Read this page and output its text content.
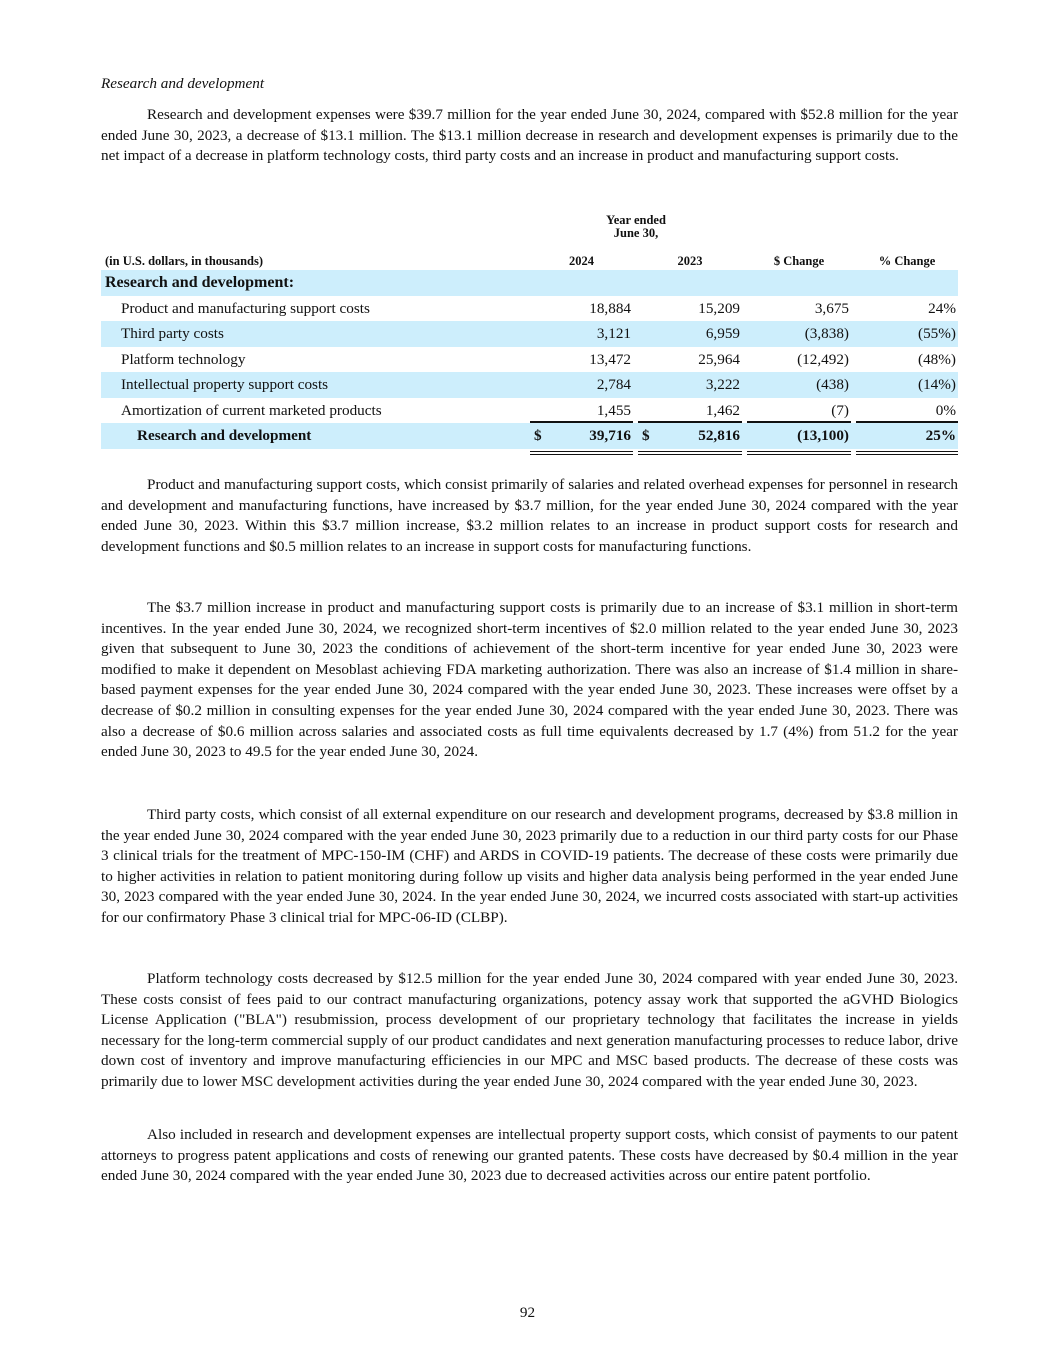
Research and development

Research and development expenses were $39.7 million for the year ended June 30, 2024, compared with $52.8 million for the year ended June 30, 2023, a decrease of $13.1 million. The $13.1 million decrease in research and development expenses is primarily due to the net impact of a decrease in platform technology costs, third party costs and an increase in product and manufacturing support costs.

Year ended
June 30,
(in U.S. dollars, in thousands)	2024	2023	$ Change	% Change
Research and development:
Product and manufacturing support costs	18,884	15,209	3,675	24%
Third party costs	3,121	6,959	(3,838)	(55%)
Platform technology	13,472	25,964	(12,492)	(48%)
Intellectual property support costs	2,784	3,222	(438)	(14%)
Amortization of current marketed products	1,455	1,462	(7)	0%
Research and development	$	39,716 $	52,816	(13,100)	25%

Product and manufacturing support costs, which consist primarily of salaries and related overhead expenses for personnel in research and development and manufacturing functions, have increased by $3.7 million, for the year ended June 30, 2024 compared with the year ended June 30, 2023. Within this $3.7 million increase, $3.2 million relates to an increase in product support costs for research and development functions and $0.5 million relates to an increase in support costs for manufacturing functions.

The $3.7 million increase in product and manufacturing support costs is primarily due to an increase of $3.1 million in short-term incentives. In the year ended June 30, 2024, we recognized short-term incentives of $2.0 million related to the year ended June 30, 2023 given that subsequent to June 30, 2023 the conditions of achievement of the short-term incentive for year ended June 30, 2023 were modified to make it dependent on Mesoblast achieving FDA marketing authorization. There was also an increase of $1.4 million in share-based payment expenses for the year ended June 30, 2024 compared with the year ended June 30, 2023. These increases were offset by a decrease of $0.2 million in consulting expenses for the year ended June 30, 2024 compared with the year ended June 30, 2023. There was also a decrease of $0.6 million across salaries and associated costs as full time equivalents decreased by 1.7 (4%) from 51.2 for the year ended June 30, 2023 to 49.5 for the year ended June 30, 2024.

Third party costs, which consist of all external expenditure on our research and development programs, decreased by $3.8 million in the year ended June 30, 2024 compared with the year ended June 30, 2023 primarily due to a reduction in our third party costs for our Phase 3 clinical trials for the treatment of MPC-150-IM (CHF) and ARDS in COVID-19 patients. The decrease of these costs were primarily due to higher activities in relation to patient monitoring during follow up visits and higher data analysis being performed in the year ended June 30, 2023 compared with the year ended June 30, 2024. In the year ended June 30, 2024, we incurred costs associated with start-up activities for our confirmatory Phase 3 clinical trial for MPC-06-ID (CLBP).

Platform technology costs decreased by $12.5 million for the year ended June 30, 2024 compared with year ended June 30, 2023. These costs consist of fees paid to our contract manufacturing organizations, potency assay work that supported the aGVHD Biologics License Application ("BLA") resubmission, process development of our proprietary technology that facilitates the increase in yields necessary for the long-term commercial supply of our product candidates and next generation manufacturing processes to reduce labor, drive down cost of inventory and improve manufacturing efficiencies in our MPC and MSC based products. The decrease of these costs was primarily due to lower MSC development activities during the year ended June 30, 2024 compared with the year ended June 30, 2023.

Also included in research and development expenses are intellectual property support costs, which consist of payments to our patent attorneys to progress patent applications and costs of renewing our granted patents. These costs have decreased by $0.4 million in the year ended June 30, 2024 compared with the year ended June 30, 2023 due to decreased activities across our entire patent portfolio.

92
